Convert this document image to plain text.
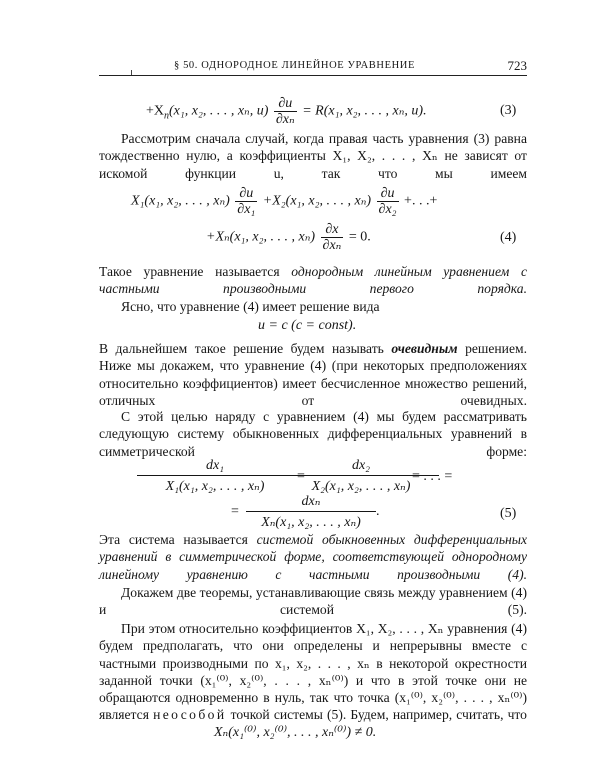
§ 50. ОДНОРОДНОЕ ЛИНЕЙНОЕ УРАВНЕНИЕ	723
$+X_n(x_1$, x₂, . . . , xₙ, $u) \frac{\partial u}{\text{∂xₙ}} = R(x_1$, x₂, . . . , xₙ, u).	(3)

Рассмотрим сначала случай, когда правая часть уравнения (3) равна тождественно нулю, а коэффициенты X₁, X₂, . . . , Xₙ не зависят от искомой функции u, так что мы имеем

X₁(x₁, x₂, . . . , $x_n) \frac{\partial u}{\text{∂x₁}} +X_2(x_1$, x₂, . . . , $x_n) \frac{\partial u}{\text{∂x₂}}$ +. . .+
+Xₙ(x₁, x₂, . . . , $x_n) \frac{\partial x}{\text{∂xₙ}} = 0$.	(4)

Такое уравнение называется однородным линейным уравнением с частными производными первого порядка.

Ясно, что уравнение (4) имеет решение вида

u = c (c = const).

В дальнейшем такое решение будем называть очевидным решением. Ниже мы докажем, что уравнение (4) (при некоторых предположениях относительно коэффициентов) имеет бесчисленное множество решений, отличных от очевидных.

С этой целью наряду с уравнением (4) мы будем рассматривать следующую систему обыкновенных дифференциальных уравнений в симметрической форме:

$\frac{\text{dx₁}}{\text{X₁(x₁, x₂, . . . , xₙ)}}$ =
$\frac{\text{dx₂}}{\text{X₂(x₁, x₂, . . . , xₙ)}}$
= . . . =
=
dxₙ
Xₙ(x₁, x₂, . . . , xₙ)
.	(5)

Эта система называется системой обыкновенных дифференциальных уравнений в симметрической форме, соответствующей однородному линейному уравнению с частными производными (4).

Докажем две теоремы, устанавливающие связь между уравнением (4) и системой (5).

При этом относительно коэффициентов X₁, X₂, . . . , Xₙ уравнения (4) будем предполагать, что они определены и непрерывны вместе с частными производными по x₁, x₂, . . . , xₙ в некоторой окрестности заданной точки (x₁⁽⁰⁾, x₂⁽⁰⁾, . . . , xₙ⁽⁰⁾) и что в этой точке они не обращаются одновременно в нуль, так что точка (x₁⁽⁰⁾, x₂⁽⁰⁾, . . . , xₙ⁽⁰⁾) является неособой точкой системы (5). Будем, например, считать, что

Xₙ(x₁⁽⁰⁾, x₂⁽⁰⁾, . . . , xₙ⁽⁰⁾) ≠ 0.
